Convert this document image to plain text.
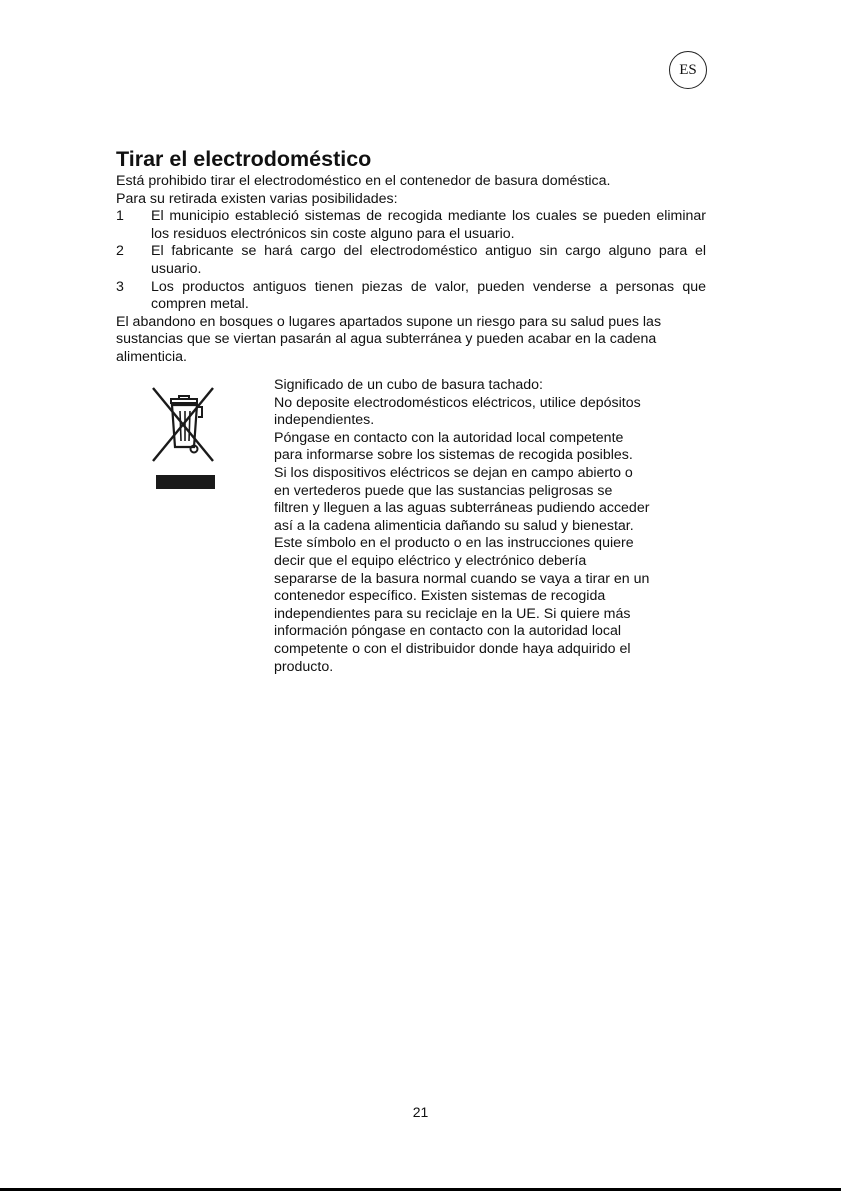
ES
Tirar el electrodoméstico

Está prohibido tirar el electrodoméstico en el contenedor de basura doméstica.

Para su retirada existen varias posibilidades:

1	El municipio estableció sistemas de recogida mediante los cuales se pueden eliminar los residuos electrónicos sin coste alguno para el usuario.
2	El fabricante se hará cargo del electrodoméstico antiguo sin cargo alguno para el usuario.
3	Los productos antiguos tienen piezas de valor, pueden venderse a personas que compren metal.

El abandono en bosques o lugares apartados supone un riesgo para su salud pues las sustancias que se viertan pasarán al agua subterránea y pueden acabar en la cadena alimenticia.

Significado de un cubo de basura tachado:
No deposite electrodomésticos eléctricos, utilice depósitos
independientes.
Póngase en contacto con la autoridad local competente
para informarse sobre los sistemas de recogida posibles.
Si los dispositivos eléctricos se dejan en campo abierto o
en vertederos puede que las sustancias peligrosas se
filtren y lleguen a las aguas subterráneas pudiendo acceder
así a la cadena alimenticia dañando su salud y bienestar.
Este símbolo en el producto o en las instrucciones quiere
decir que el equipo eléctrico y electrónico debería
separarse de la basura normal cuando se vaya a tirar en un
contenedor específico. Existen sistemas de recogida
independientes para su reciclaje en la UE. Si quiere más
información póngase en contacto con la autoridad local
competente o con el distribuidor donde haya adquirido el
producto.
21
